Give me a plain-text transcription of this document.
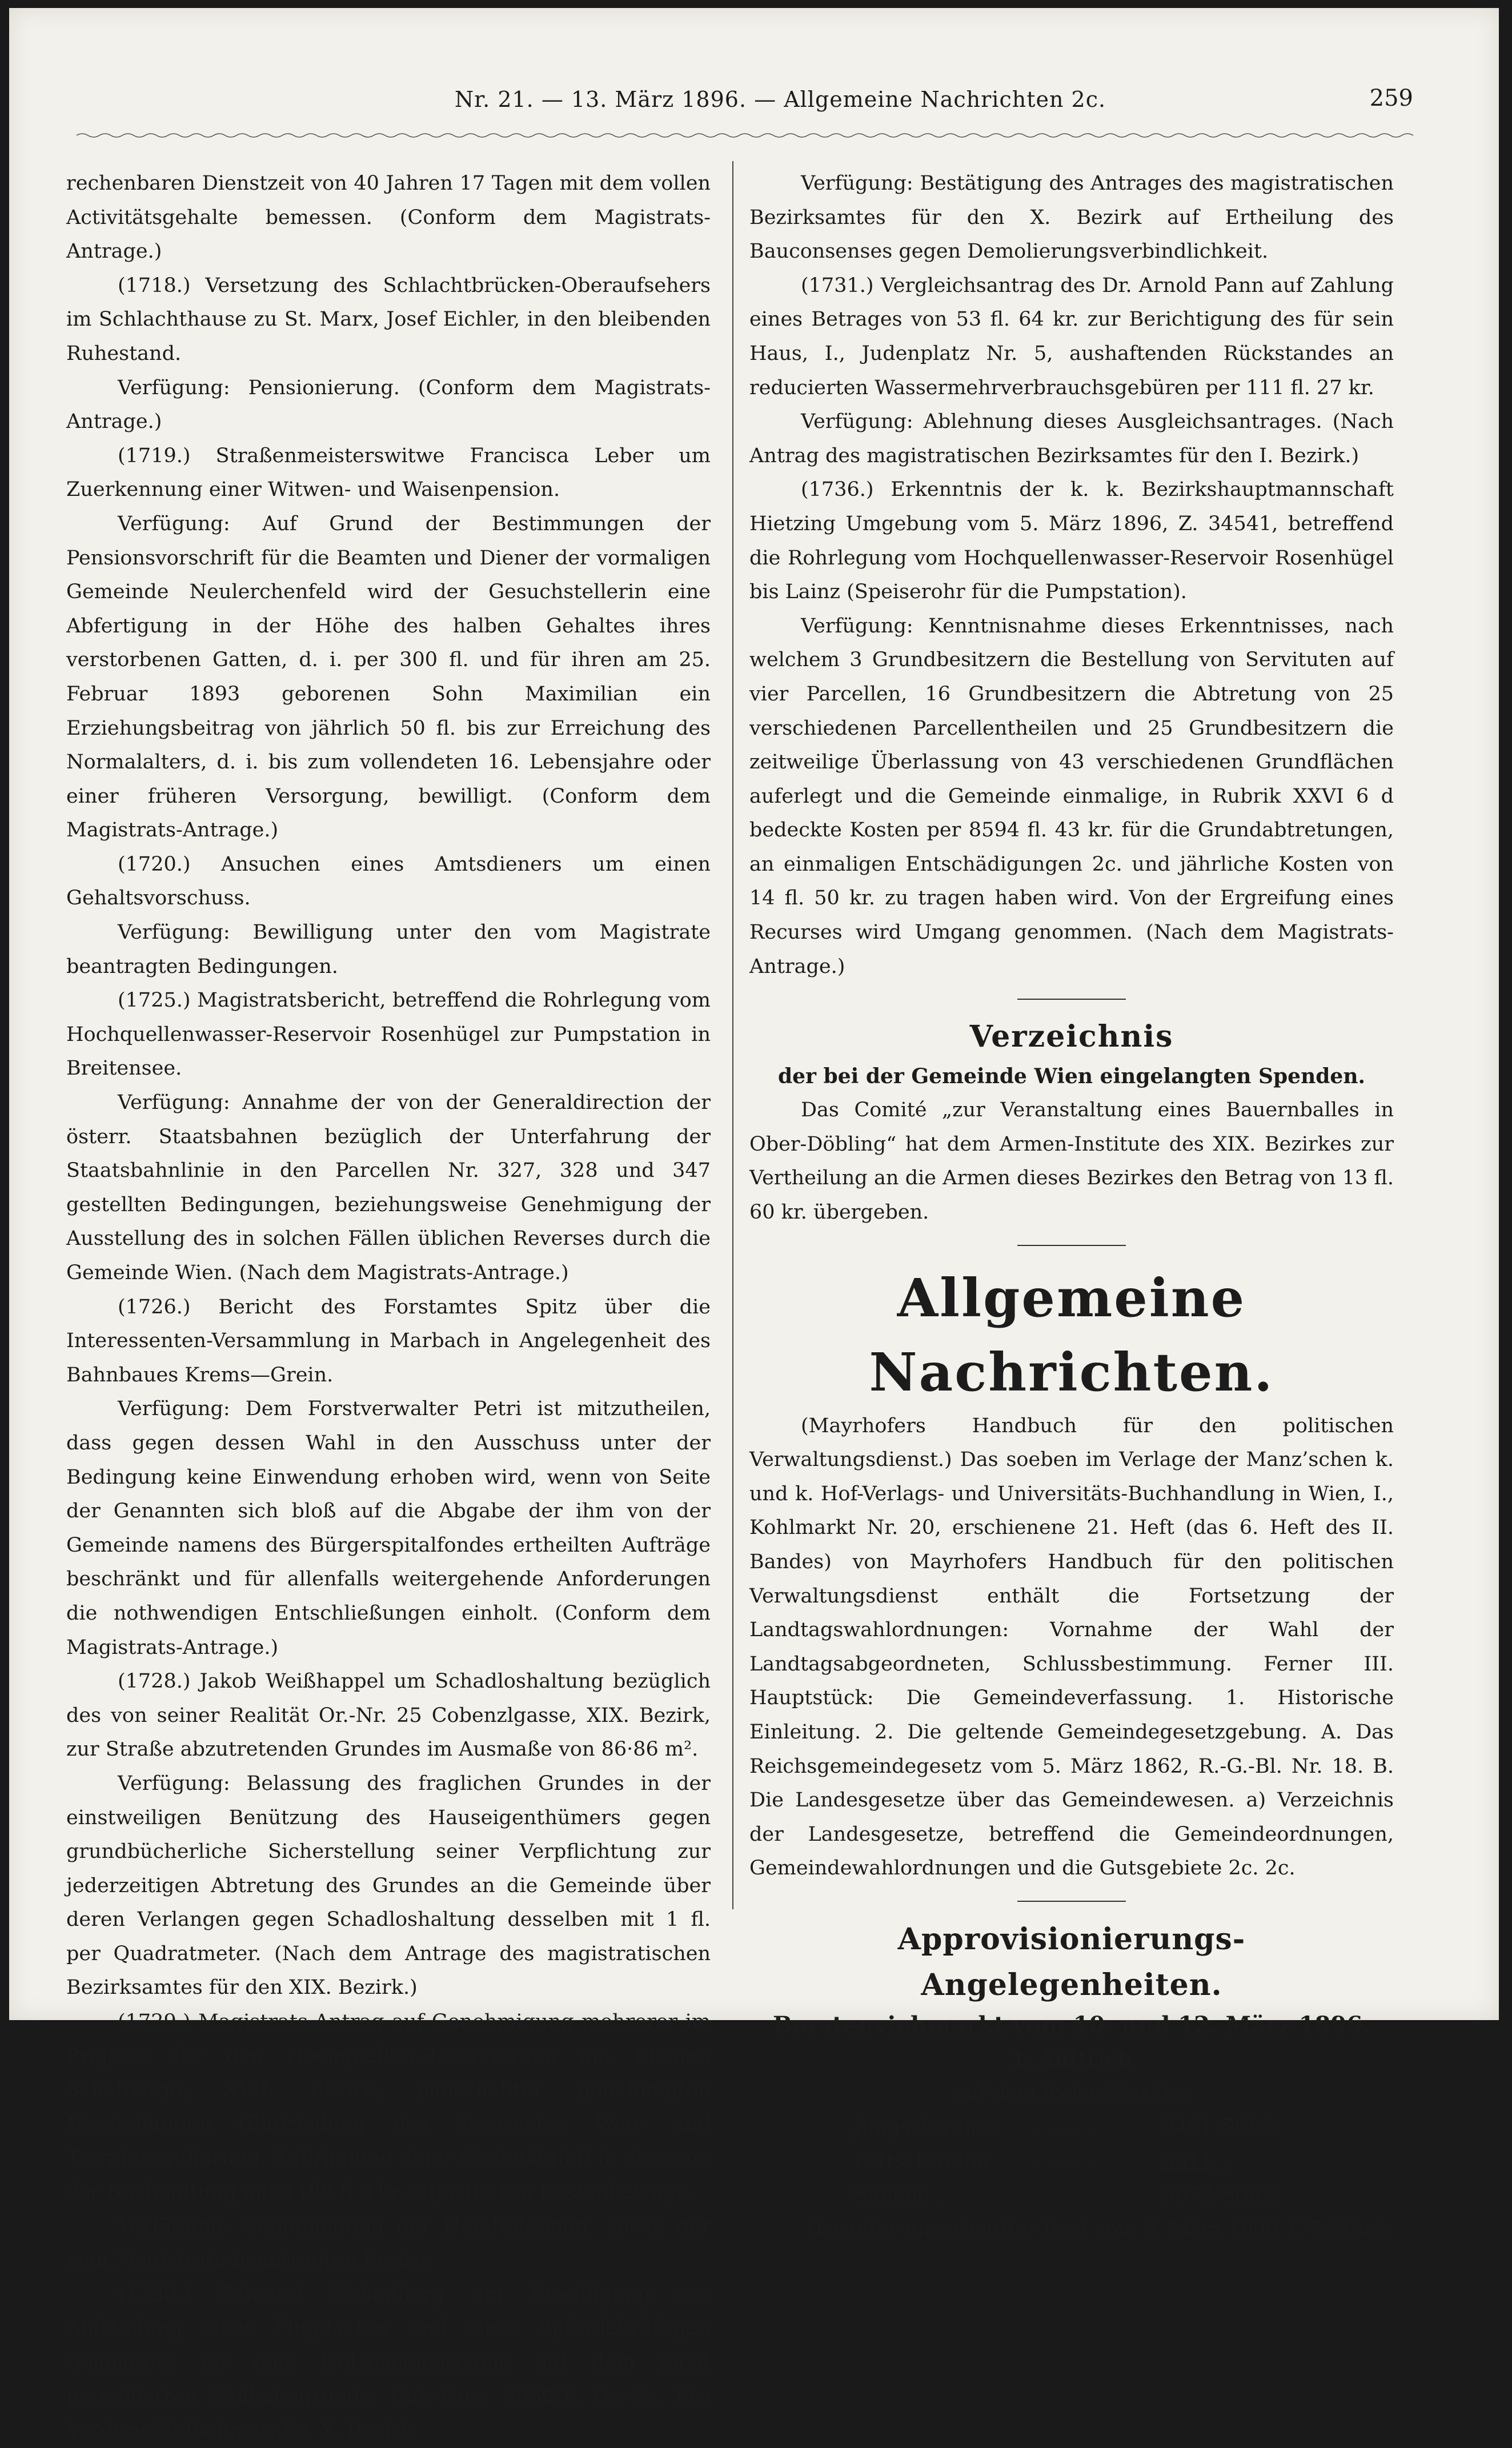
Nr. 21. — 13. März 1896. — Allgemeine Nachrichten 2c.	259

rechenbaren Dienstzeit von 40 Jahren 17 Tagen mit dem vollen Activitätsgehalte bemessen. (Conform dem Magistrats-Antrage.)

(1718.) Versetzung des Schlachtbrücken-Oberaufsehers im Schlachthause zu St. Marx, Josef Eichler, in den bleibenden Ruhestand.

Verfügung: Pensionierung. (Conform dem Magistrats-Antrage.)

(1719.) Straßenmeisterswitwe Francisca Leber um Zuerkennung einer Witwen- und Waisenpension.

Verfügung: Auf Grund der Bestimmungen der Pensionsvorschrift für die Beamten und Diener der vormaligen Gemeinde Neulerchenfeld wird der Gesuchstellerin eine Abfertigung in der Höhe des halben Gehaltes ihres verstorbenen Gatten, d. i. per 300 fl. und für ihren am 25. Februar 1893 geborenen Sohn Maximilian ein Erziehungsbeitrag von jährlich 50 fl. bis zur Erreichung des Normalalters, d. i. bis zum vollendeten 16. Lebensjahre oder einer früheren Versorgung, bewilligt. (Conform dem Magistrats-Antrage.)

(1720.) Ansuchen eines Amtsdieners um einen Gehaltsvorschuss.

Verfügung: Bewilligung unter den vom Magistrate beantragten Bedingungen.

(1725.) Magistratsbericht, betreffend die Rohrlegung vom Hochquellenwasser-Reservoir Rosenhügel zur Pumpstation in Breitensee.

Verfügung: Annahme der von der Generaldirection der österr. Staatsbahnen bezüglich der Unterfahrung der Staatsbahnlinie in den Parcellen Nr. 327, 328 und 347 gestellten Bedingungen, beziehungsweise Genehmigung der Ausstellung des in solchen Fällen üblichen Reverses durch die Gemeinde Wien. (Nach dem Magistrats-Antrage.)

(1726.) Bericht des Forstamtes Spitz über die Interessenten-Versammlung in Marbach in Angelegenheit des Bahnbaues Krems—Grein.

Verfügung: Dem Forstverwalter Petri ist mitzutheilen, dass gegen dessen Wahl in den Ausschuss unter der Bedingung keine Einwendung erhoben wird, wenn von Seite der Genannten sich bloß auf die Abgabe der ihm von der Gemeinde namens des Bürgerspitalfondes ertheilten Aufträge beschränkt und für allenfalls weitergehende Anforderungen die nothwendigen Entschließungen einholt. (Conform dem Magistrats-Antrage.)

(1728.) Jakob Weißhappel um Schadloshaltung bezüglich des von seiner Realität Or.-Nr. 25 Cobenzlgasse, XIX. Bezirk, zur Straße abzutretenden Grundes im Ausmaße von 86·86 m².

Verfügung: Belassung des fraglichen Grundes in der einstweiligen Benützung des Hauseigenthümers gegen grundbücherliche Sicherstellung seiner Verpflichtung zur jederzeitigen Abtretung des Grundes an die Gemeinde über deren Verlangen gegen Schadloshaltung desselben mit 1 fl. per Quadratmeter. (Nach dem Antrage des magistratischen Bezirksamtes für den XIX. Bezirk.)

(1729.) Magistrats-Antrag auf Genehmigung mehrerer im Projecte für den Hochquellen-Reservoirbau am Kleinen Schafberge, XVII. Bezirk, pauschaliter genehmigten Herstellungen (Einfriedung des Reservoirs, Weg- und Terrainregulierung, Anbringung einer Gedenktafel) in dem von der Buchhaltung mit 4480 fl 6 kr. adjustierten Kostenbetrage.

Verfügung: Genehmigung der Herstellungen, sowie der vom Magistrate beantragten Preise.

(1730.) Edmund Sickenberg um Bewilligung zur Aufstellung eines Flugdaches und eines 8pferdekräftigen Gasmotors für eine Holzhackmaschine auf dem nicht parcellierten Südbahngrunde, Cat.-Parc. 2050/1, Or.-Nr. 11a Vordere Südbahnstraße, X. Bezirk.

Verfügung: Bestätigung des Antrages des magistratischen Bezirksamtes für den X. Bezirk auf Ertheilung des Bauconsenses gegen Demolierungsverbindlichkeit.

(1731.) Vergleichsantrag des Dr. Arnold Pann auf Zahlung eines Betrages von 53 fl. 64 kr. zur Berichtigung des für sein Haus, I., Judenplatz Nr. 5, aushaftenden Rückstandes an reducierten Wassermehrverbrauchsgebüren per 111 fl. 27 kr.

Verfügung: Ablehnung dieses Ausgleichsantrages. (Nach Antrag des magistratischen Bezirksamtes für den I. Bezirk.)

(1736.) Erkenntnis der k. k. Bezirkshauptmannschaft Hietzing Umgebung vom 5. März 1896, Z. 34541, betreffend die Rohrlegung vom Hochquellenwasser-Reservoir Rosenhügel bis Lainz (Speiserohr für die Pumpstation).

Verfügung: Kenntnisnahme dieses Erkenntnisses, nach welchem 3 Grundbesitzern die Bestellung von Servituten auf vier Parcellen, 16 Grundbesitzern die Abtretung von 25 verschiedenen Parcellentheilen und 25 Grundbesitzern die zeitweilige Überlassung von 43 verschiedenen Grundflächen auferlegt und die Gemeinde einmalige, in Rubrik XXVI 6 d bedeckte Kosten per 8594 fl. 43 kr. für die Grundabtretungen, an einmaligen Entschädigungen 2c. und jährliche Kosten von 14 fl. 50 kr. zu tragen haben wird. Von der Ergreifung eines Recurses wird Umgang genommen. (Nach dem Magistrats-Antrage.)

Verzeichnis

der bei der Gemeinde Wien eingelangten Spenden.

Das Comité „zur Veranstaltung eines Bauernballes in Ober-Döbling“ hat dem Armen-Institute des XIX. Bezirkes zur Vertheilung an die Armen dieses Bezirkes den Betrag von 13 fl. 60 kr. übergeben.

Allgemeine Nachrichten.

(Mayrhofers Handbuch für den politischen Verwaltungsdienst.) Das soeben im Verlage der Manz’schen k. und k. Hof-Verlags- und Universitäts-Buchhandlung in Wien, I., Kohlmarkt Nr. 20, erschienene 21. Heft (das 6. Heft des II. Bandes) von Mayrhofers Handbuch für den politischen Verwaltungsdienst enthält die Fortsetzung der Landtagswahlordnungen: Vornahme der Wahl der Landtagsabgeordneten, Schlussbestimmung. Ferner III. Hauptstück: Die Gemeindeverfassung. 1. Historische Einleitung. 2. Die geltende Gemeindegesetzgebung. A. Das Reichsgemeindegesetz vom 5. März 1862, R.-G.-Bl. Nr. 18. B. Die Landesgesetze über das Gemeindewesen. a) Verzeichnis der Landesgesetze, betreffend die Gemeindeordnungen, Gemeindewahlordnungen und die Gutsgebiete 2c. 2c.

Approvisionierungs-Angelegenheiten.

Borstenviehmarkt vom 10. und 12. März 1896.

1. Auftrieb

auf dem freien Markte:

Jungschweine	......	3461 Stück
Fettschweine	......	5611 „
Summa .	9072 Stück

Darunter unverkaufter Rest vom 5. März 1896 175 Stück.
